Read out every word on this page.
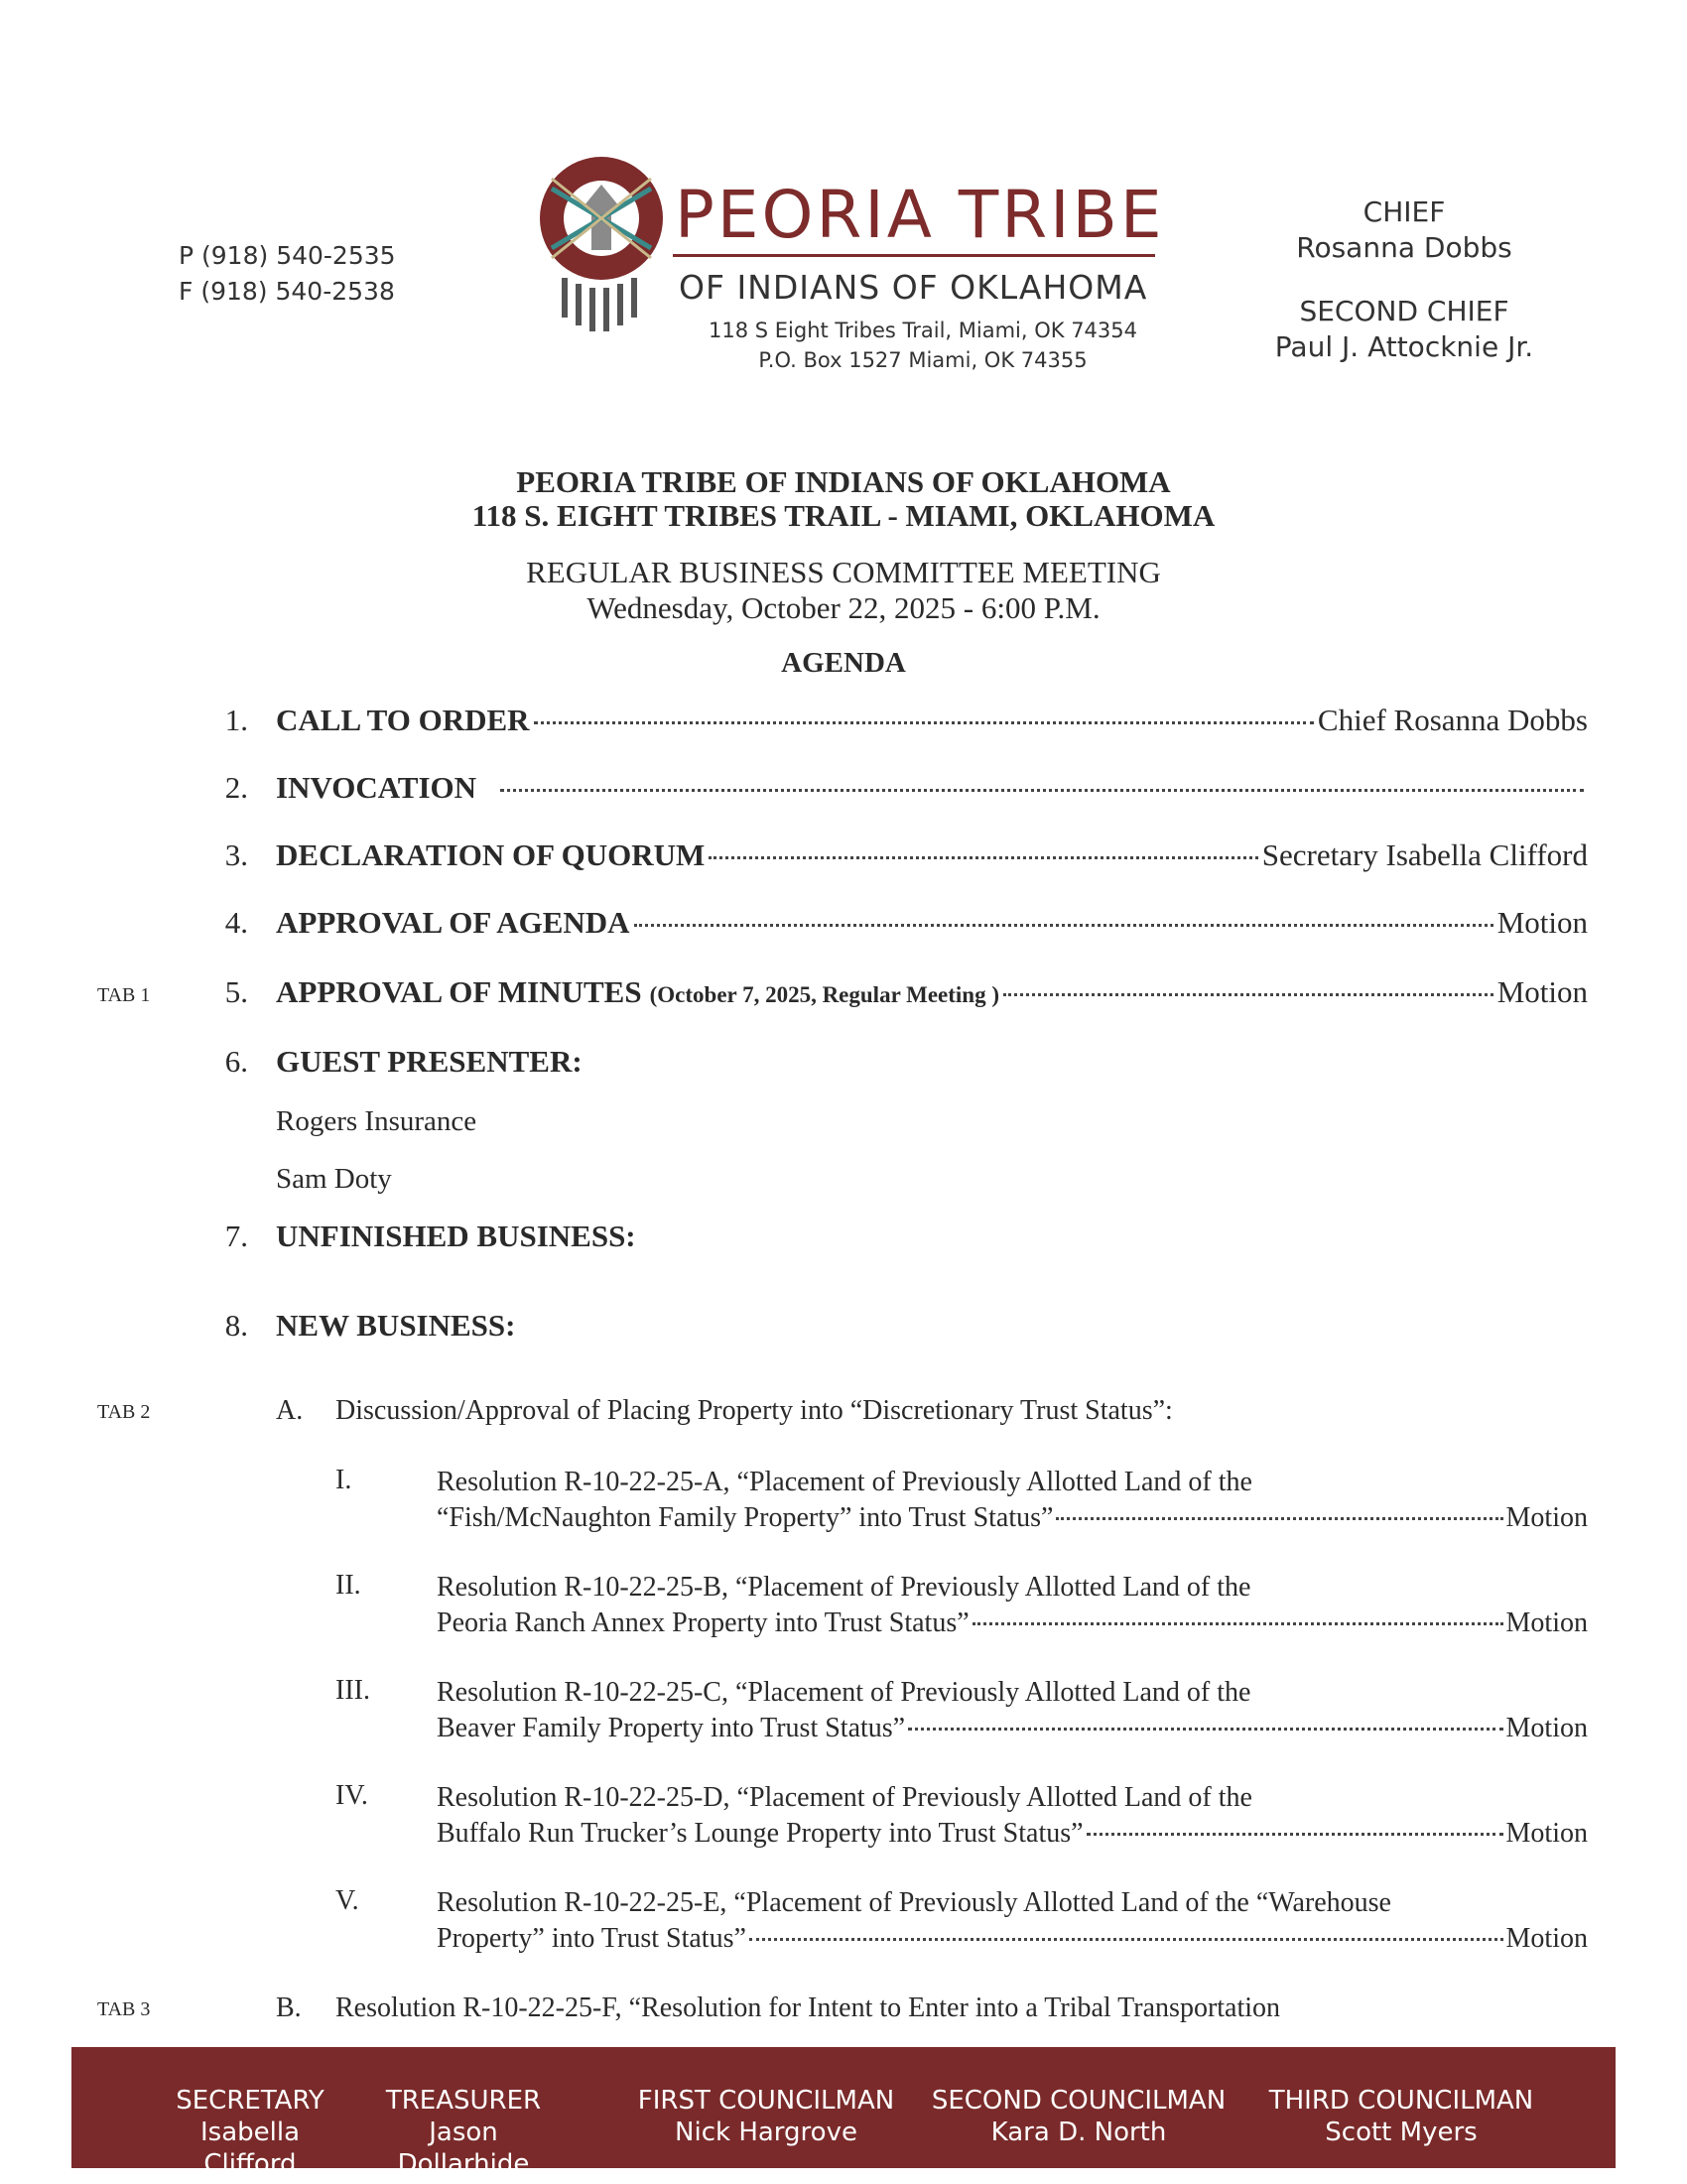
P (918) 540-2535
F (918) 540-2538
PEORIA TRIBE
OF INDIANS OF OKLAHOMA
118 S Eight Tribes Trail, Miami, OK 74354
P.O. Box 1527 Miami, OK 74355
CHIEF
Rosanna Dobbs
SECOND CHIEF
Paul J. Attocknie Jr.
PEORIA TRIBE OF INDIANS OF OKLAHOMA
118 S. EIGHT TRIBES TRAIL - MIAMI, OKLAHOMA
REGULAR BUSINESS COMMITTEE MEETING
Wednesday, October 22, 2025 - 6:00 P.M.
AGENDA
1. CALL TO ORDER	Chief Rosanna Dobbs
2. INVOCATION
3. DECLARATION OF QUORUM	Secretary Isabella Clifford
4. APPROVAL OF AGENDA	Motion
TAB 1	5. APPROVAL OF MINUTES (October 7, 2025, Regular Meeting )	Motion
6. GUEST PRESENTER:
Rogers Insurance
Sam Doty
7. UNFINISHED BUSINESS:
8. NEW BUSINESS:
TAB 2	A. Discussion/Approval of Placing Property into “Discretionary Trust Status”:
I.	Resolution R-10-22-25-A, “Placement of Previously Allotted Land of the
“Fish/McNaughton Family Property” into Trust Status”	Motion
II.	Resolution R-10-22-25-B, “Placement of Previously Allotted Land of the
Peoria Ranch Annex Property into Trust Status”	Motion
III. Resolution R-10-22-25-C, “Placement of Previously Allotted Land of the
Beaver Family Property into Trust Status”	Motion
IV. Resolution R-10-22-25-D, “Placement of Previously Allotted Land of the
Buffalo Run Trucker’s Lounge Property into Trust Status”	Motion
V.	Resolution R-10-22-25-E, “Placement of Previously Allotted Land of the “Warehouse
Property” into Trust Status”	Motion
TAB 3	B. Resolution R-10-22-25-F, “Resolution for Intent to Enter into a Tribal Transportation
SECRETARY
Isabella Clifford
TREASURER
Jason Dollarhide
FIRST COUNCILMAN
Nick Hargrove
SECOND COUNCILMAN
Kara D. North
THIRD COUNCILMAN
Scott Myers
